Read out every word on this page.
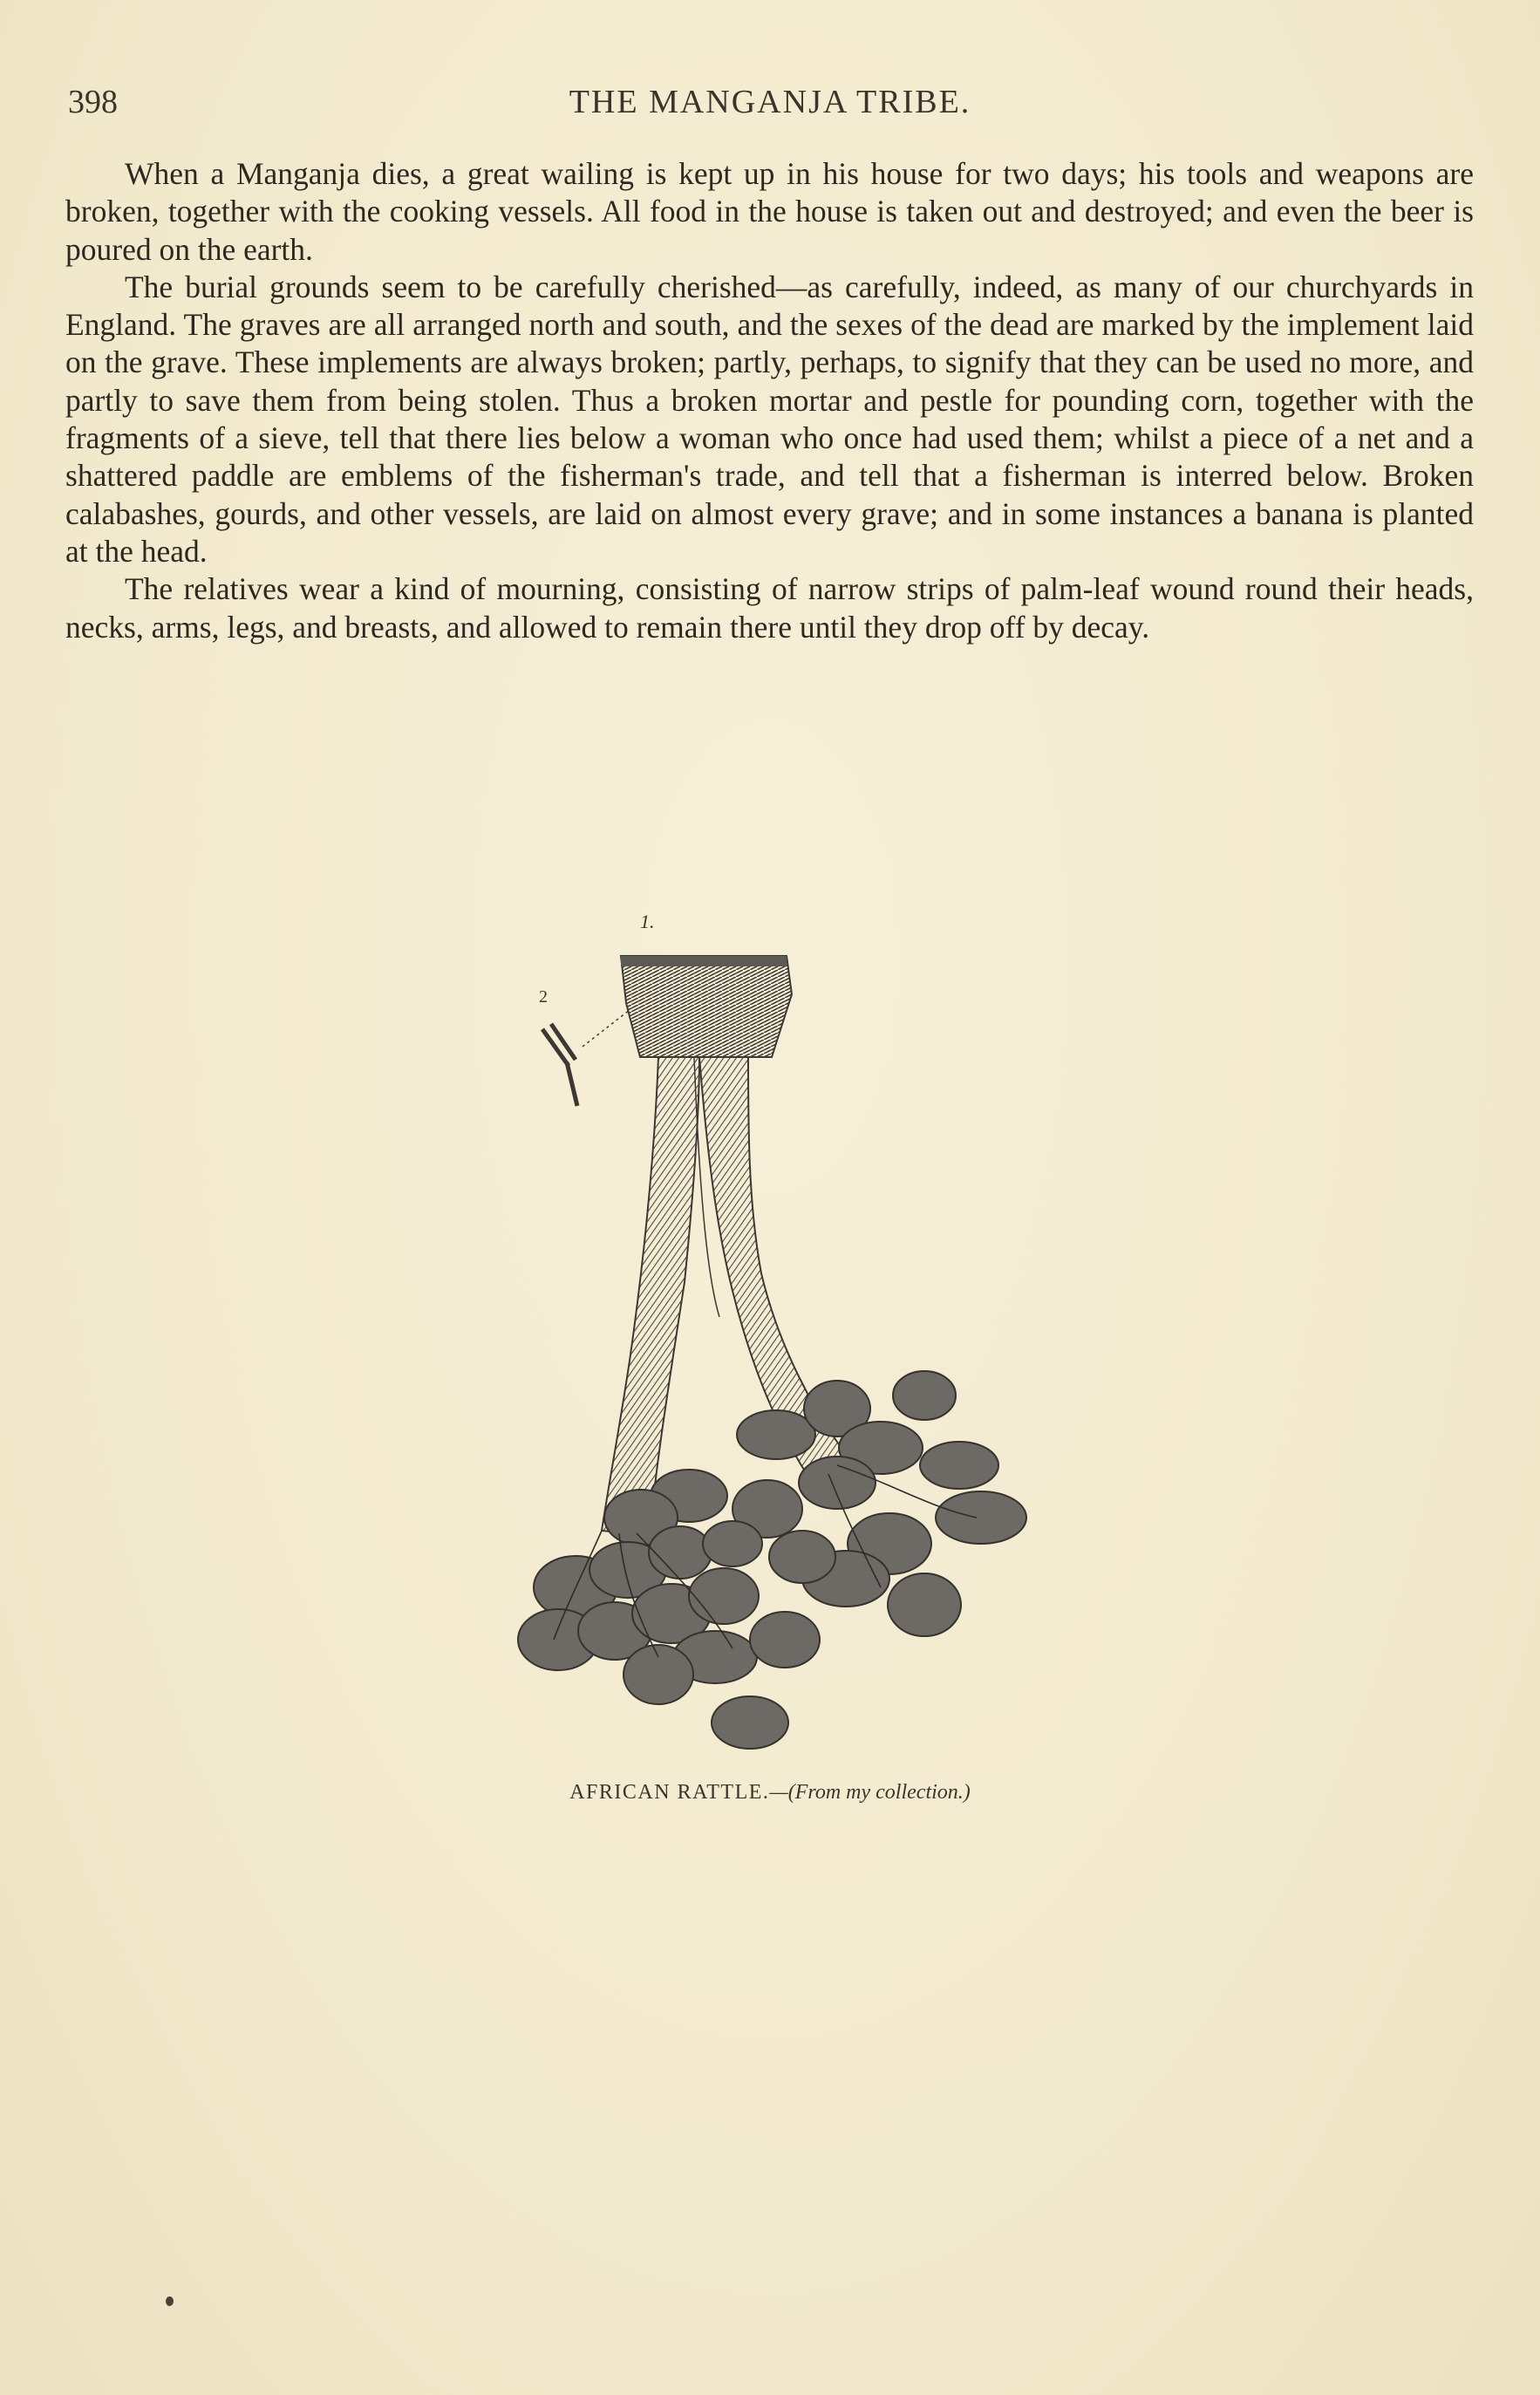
398	THE MANGANJA TRIBE.

When a Manganja dies, a great wailing is kept up in his house for two days; his tools and weapons are broken, together with the cooking vessels. All food in the house is taken out and destroyed; and even the beer is poured on the earth.

The burial grounds seem to be carefully cherished—as carefully, indeed, as many of our churchyards in England. The graves are all arranged north and south, and the sexes of the dead are marked by the implement laid on the grave. These implements are always broken; partly, perhaps, to signify that they can be used no more, and partly to save them from being stolen. Thus a broken mortar and pestle for pounding corn, together with the fragments of a sieve, tell that there lies below a woman who once had used them; whilst a piece of a net and a shattered paddle are emblems of the fisherman's trade, and tell that a fisherman is interred below. Broken calabashes, gourds, and other vessels, are laid on almost every grave; and in some instances a banana is planted at the head.

The relatives wear a kind of mourning, consisting of narrow strips of palm-leaf wound round their heads, necks, arms, legs, and breasts, and allowed to remain there until they drop off by decay.

1.
2
AFRICAN RATTLE.—(From my collection.)
